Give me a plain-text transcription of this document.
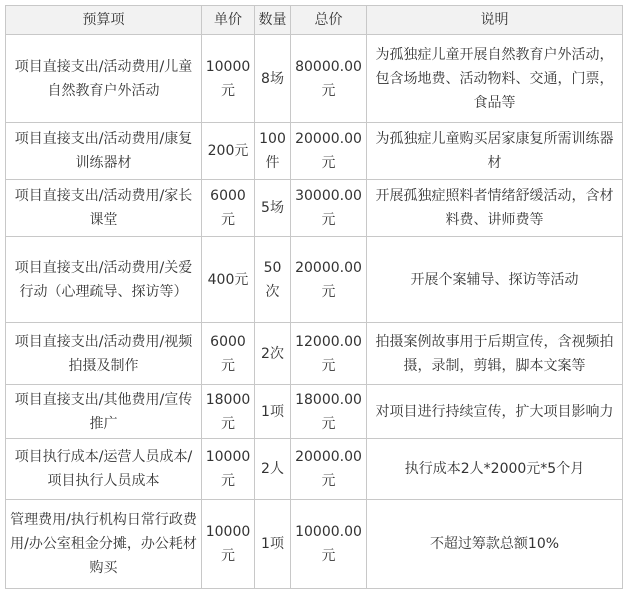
预算项	单价	数量	总价	说明
项目直接支出/活动费用/儿童自然教育户外活动	10000元	8场	80000.00元	为孤独症儿童开展自然教育户外活动，包含场地费、活动物料、交通，门票，食品等
项目直接支出/活动费用/康复训练器材	200元	100件	20000.00元	为孤独症儿童购买居家康复所需训练器材
项目直接支出/活动费用/家长课堂	6000元	5场	30000.00元	开展孤独症照料者情绪舒缓活动，含材料费、讲师费等
项目直接支出/活动费用/关爱行动（心理疏导、探访等）	400元	50次	20000.00元	开展个案辅导、探访等活动
项目直接支出/活动费用/视频拍摄及制作	6000元	2次	12000.00元	拍摄案例故事用于后期宣传，含视频拍摄，录制，剪辑，脚本文案等
项目直接支出/其他费用/宣传推广	18000元	1项	18000.00元	对项目进行持续宣传，扩大项目影响力
项目执行成本/运营人员成本/项目执行人员成本	10000元	2人	20000.00元	执行成本2人*2000元*5个月
管理费用/执行机构日常行政费用/办公室租金分摊，办公耗材购买	10000元	1项	10000.00元	不超过筹款总额10%
